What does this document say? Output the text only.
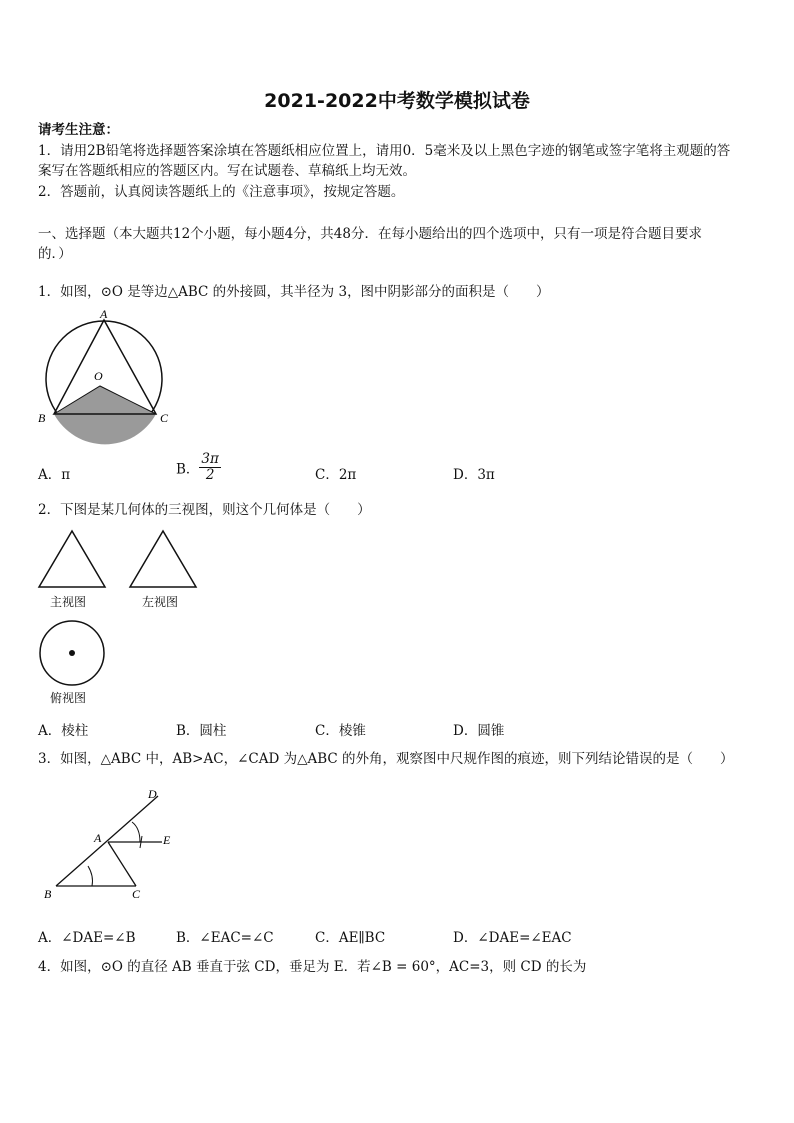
2021-2022中考数学模拟试卷
请考生注意：
1．请用2B铅笔将选择题答案涂填在答题纸相应位置上，请用0．5毫米及以上黑色字迹的钢笔或签字笔将主观题的答
案写在答题纸相应的答题区内。写在试题卷、草稿纸上均无效。
2．答题前，认真阅读答题纸上的《注意事项》，按规定答题。
一、选择题（本大题共12个小题，每小题4分，共48分．在每小题给出的四个选项中，只有一项是符合题目要求
的．）
1．如图，⊙O 是等边△ABC 的外接圆，其半径为 3，图中阴影部分的面积是（　　）
A
O
B	C
A．π	B． $\frac{3\pi}{2}$	C．2π	D．3π
2．下图是某几何体的三视图，则这个几何体是（　　）
主视图	左视图
俯视图
A．棱柱	B．圆柱	C．棱锥	D．圆锥
3．如图，△ABC 中，AB>AC，∠CAD 为△ABC 的外角，观察图中尺规作图的痕迹，则下列结论错误的是（　　）
D
A	E
B	C
A．∠DAE=∠B	B．∠EAC=∠C	C．AE∥BC	D．∠DAE=∠EAC
4．如图，⊙O 的直径 AB 垂直于弦 CD，垂足为 E．若∠B = 60°，AC=3，则 CD 的长为
